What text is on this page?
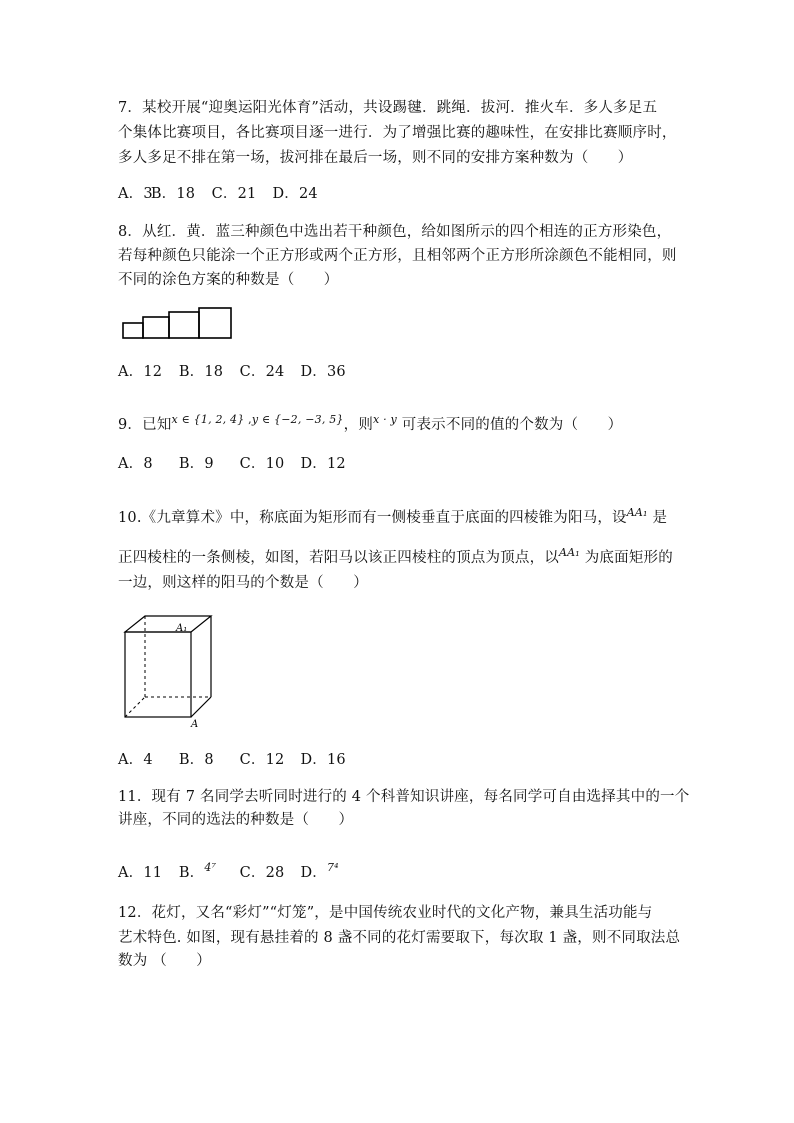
7．某校开展“迎奥运阳光体育”活动，共设踢毽．跳绳．拔河．推火车．多人多足五
个集体比赛项目，各比赛项目逐一进行．为了增强比赛的趣味性，在安排比赛顺序时，
多人多足不排在第一场，拔河排在最后一场，则不同的安排方案种数为（　　）
A．3 B．18 C．21 D．24
8．从红．黄．蓝三种颜色中选出若干种颜色，给如图所示的四个相连的正方形染色，
若每种颜色只能涂一个正方形或两个正方形，且相邻两个正方形所涂颜色不能相同，则
不同的涂色方案的种数是（　　）
A．12 B．18 C．24 D．36
9．已知$^{x \in \{1, 2, 4\}}$ $^{,y \in \{-2, -3, 5\}}$，则$^{x \cdot y}$ 可表示不同的值的个数为（　　）
A．8 B．9 C．10 D．12
10.《九章算术》中，称底面为矩形而有一侧棱垂直于底面的四棱锥为阳马，设$^{AA_1}$ 是
正四棱柱的一条侧棱，如图，若阳马以该正四棱柱的顶点为顶点，以$^{AA_1}$ 为底面矩形的
一边，则这样的阳马的个数是（　　）
A₁
A
A．4 B．8 C．12 D．16
11．现有 7 名同学去听同时进行的 4 个科普知识讲座，每名同学可自由选择其中的一个
讲座，不同的选法的种数是（　　）
A．11 B．$^{4^7}$ C．28 D．$^{7^4}$
12．花灯，又名“彩灯”“灯笼”，是中国传统农业时代的文化产物，兼具生活功能与
艺术特色. 如图，现有悬挂着的 8 盏不同的花灯需要取下，每次取 1 盏，则不同取法总
数为 （　　）
